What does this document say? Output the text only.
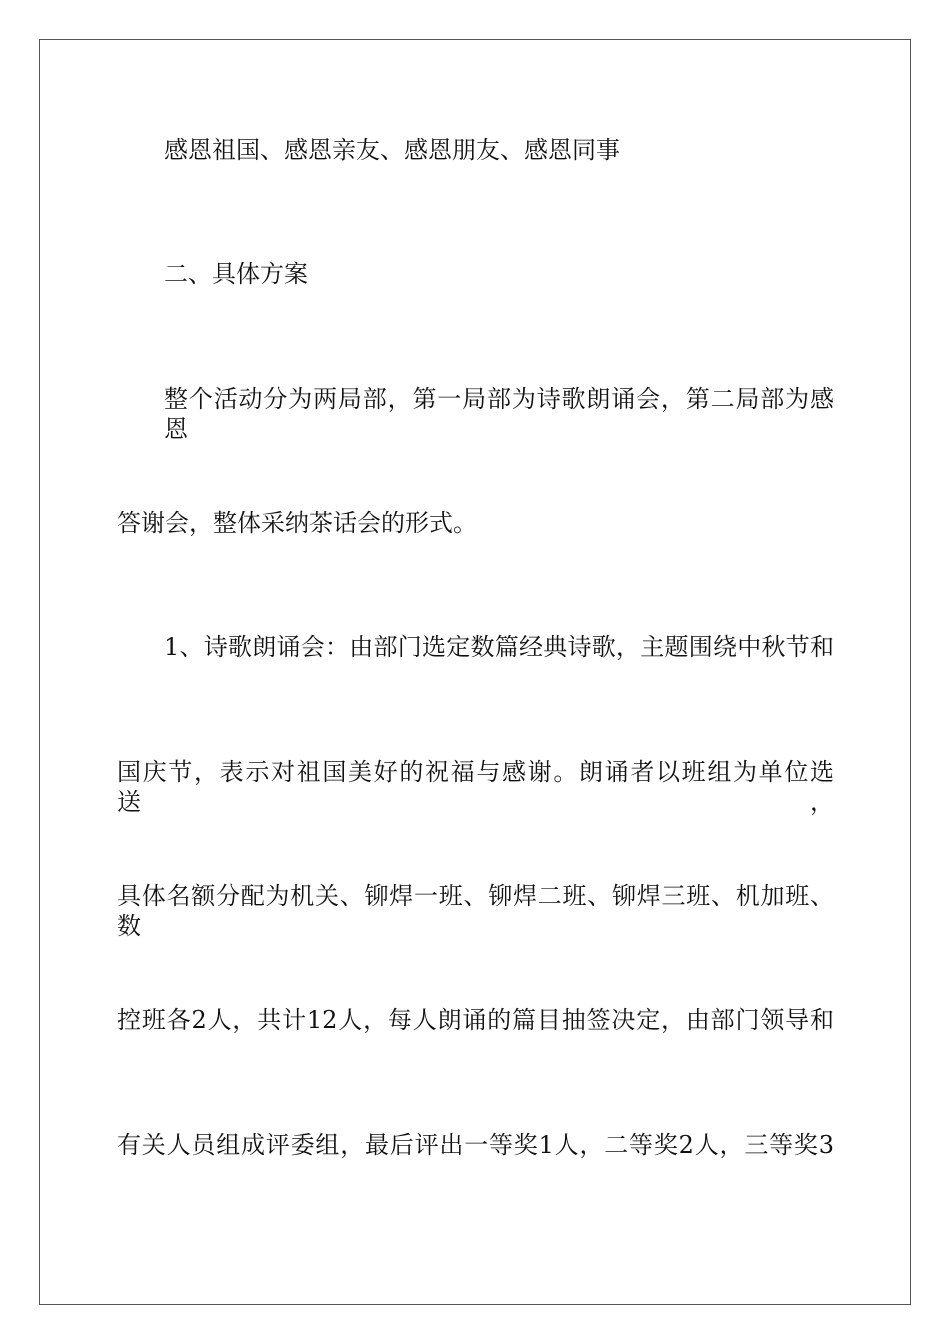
感恩祖国、感恩亲友、感恩朋友、感恩同事

二、具体方案

整个活动分为两局部，第一局部为诗歌朗诵会，第二局部为感恩

答谢会，整体采纳茶话会的形式。

1、诗歌朗诵会：由部门选定数篇经典诗歌，主题围绕中秋节和

国庆节，表示对祖国美好的祝福与感谢。朗诵者以班组为单位选送，

具体名额分配为机关、铆焊一班、铆焊二班、铆焊三班、机加班、数

控班各2人，共计12人，每人朗诵的篇目抽签决定，由部门领导和

有关人员组成评委组，最后评出一等奖1人，二等奖2人，三等奖3
